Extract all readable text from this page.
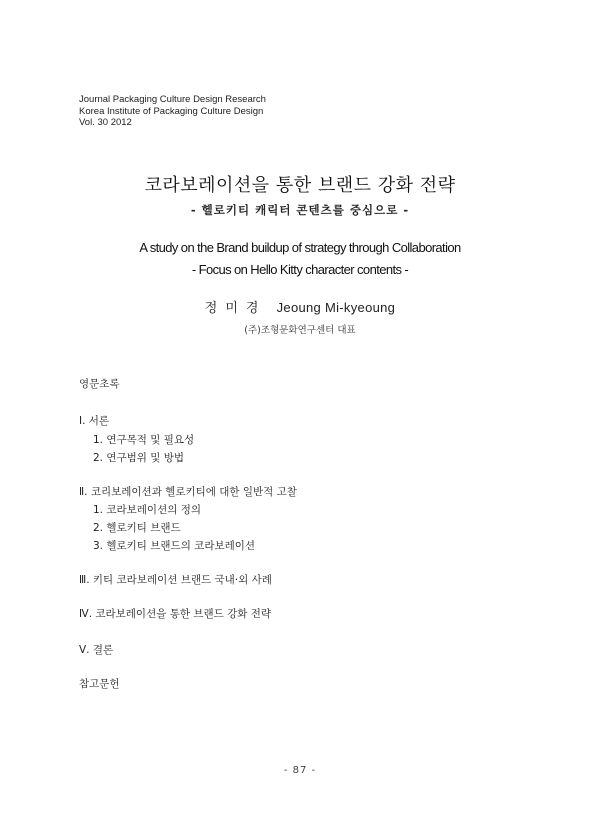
Journal Packaging Culture Design Research
Korea Institute of Packaging Culture Design
Vol. 30 2012
코라보레이션을 통한 브랜드 강화 전략
- 헬로키티 캐릭터 콘텐츠를 중심으로 -
A study on the Brand buildup of strategy through Collaboration
- Focus on Hello Kitty character contents -
정미경 Jeoung Mi-kyeoung
(주)조형문화연구센터 대표
영문초록
Ⅰ. 서론
1. 연구목적 및 필요성
2. 연구범위 및 방법
Ⅱ. 코리보레이션과 헬로키티에 대한 일반적 고찰
1. 코라보레이션의 정의
2. 헬로키티 브랜드
3. 헬로키티 브랜드의 코라보레이션
Ⅲ. 키티 코라보레이션 브랜드 국내·외 사례
Ⅳ. 코라보레이션을 통한 브랜드 강화 전략
Ⅴ. 결론
참고문헌
- 87 -
